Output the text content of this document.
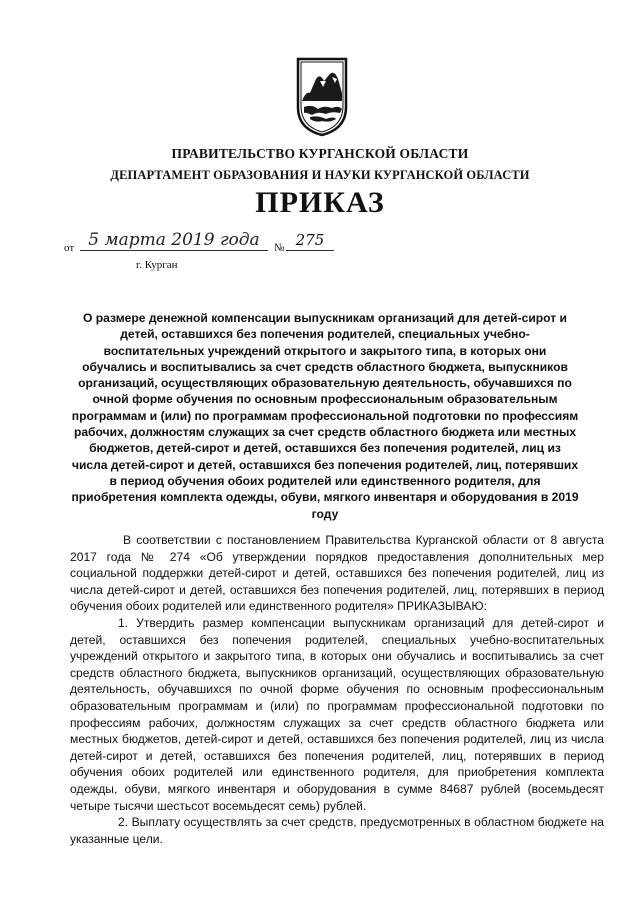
ПРАВИТЕЛЬСТВО КУРГАНСКОЙ ОБЛАСТИ
ДЕПАРТАМЕНТ ОБРАЗОВАНИЯ И НАУКИ КУРГАНСКОЙ ОБЛАСТИ
ПРИКАЗ
от 5 марта 2019 года	№ 275
г. Курган
О размере денежной компенсации выпускникам организаций для детей-сирот и детей, оставшихся без попечения родителей, специальных учебно-воспитательных учреждений открытого и закрытого типа, в которых они обучались и воспитывались за счет средств областного бюджета, выпускников организаций, осуществляющих образовательную деятельность, обучавшихся по очной форме обучения по основным профессиональным образовательным программам и (или) по программам профессиональной подготовки по профессиям рабочих, должностям служащих за счет средств областного бюджета или местных бюджетов, детей-сирот и детей, оставшихся без попечения родителей, лиц из числа детей-сирот и детей, оставшихся без попечения родителей, лиц, потерявших в период обучения обоих родителей или единственного родителя, для приобретения комплекта одежды, обуви, мягкого инвентаря и оборудования в 2019 году

В соответствии с постановлением Правительства Курганской области от 8 августа 2017 года № 274 «Об утверждении порядков предоставления дополнительных мер социальной поддержки детей-сирот и детей, оставшихся без попечения родителей, лиц из числа детей-сирот и детей, оставшихся без попечения родителей, лиц, потерявших в период обучения обоих родителей или единственного родителя» ПРИКАЗЫВАЮ:

1. Утвердить размер компенсации выпускникам организаций для детей-сирот и детей, оставшихся без попечения родителей, специальных учебно-воспитательных учреждений открытого и закрытого типа, в которых они обучались и воспитывались за счет средств областного бюджета, выпускников организаций, осуществляющих образовательную деятельность, обучавшихся по очной форме обучения по основным профессиональным образовательным программам и (или) по программам профессиональной подготовки по профессиям рабочих, должностям служащих за счет средств областного бюджета или местных бюджетов, детей-сирот и детей, оставшихся без попечения родителей, лиц из числа детей-сирот и детей, оставшихся без попечения родителей, лиц, потерявших в период обучения обоих родителей или единственного родителя, для приобретения комплекта одежды, обуви, мягкого инвентаря и оборудования в сумме 84687 рублей (восемьдесят четыре тысячи шестьсот восемьдесят семь) рублей.

2. Выплату осуществлять за счет средств, предусмотренных в областном бюджете на указанные цели.
